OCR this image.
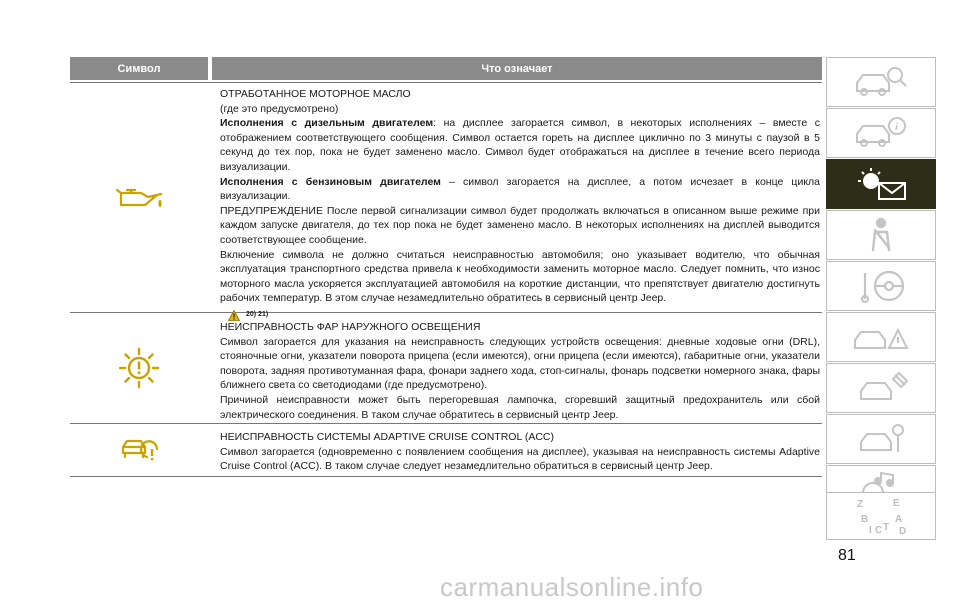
Символ	Что означает

ОТРАБОТАННОЕ МОТОРНОЕ МАСЛО

(где это предусмотрено)

Исполнения с дизельным двигателем: на дисплее загорается символ, в некоторых исполнениях – вместе с отображением соответствующего сообщения. Символ остается гореть на дисплее циклично по 3 минуты с паузой в 5 секунд до тех пор, пока не будет заменено масло. Символ будет отображаться на дисплее в течение всего периода визуализации.

Исполнения с бензиновым двигателем – символ загорается на дисплее, а потом исчезает в конце цикла визуализации.

ПРЕДУПРЕЖДЕНИЕ После первой сигнализации символ будет продолжать включаться в описанном выше режиме при каждом запуске двигателя, до тех пор пока не будет заменено масло. В некоторых исполнениях на дисплей выводится соответствующее сообщение.

Включение символа не должно считаться неисправностью автомобиля; оно указывает водителю, что обычная эксплуатация транспортного средства привела к необходимости заменить моторное масло. Следует помнить, что износ моторного масла ускоряется эксплуатацией автомобиля на короткие дистанции, что препятствует двигателю достигнуть рабочих температур. В этом случае незамедлительно обратитесь в сервисный центр Jeep.

20) 21)

НЕИСПРАВНОСТЬ ФАР НАРУЖНОГО ОСВЕЩЕНИЯ

Символ загорается для указания на неисправность следующих устройств освещения: дневные ходовые огни (DRL), стояночные огни, указатели поворота прицепа (если имеются), огни прицепа (если имеются), габаритные огни, указатели поворота, задняя противотуманная фара, фонари заднего хода, стоп-сигналы, фонарь подсветки номерного знака, фары ближнего света со светодиодами (где предусмотрено).

Причиной неисправности может быть перегоревшая лампочка, сгоревший защитный предохранитель или сбой электрического соединения. В таком случае обратитесь в сервисный центр Jeep.

НЕИСПРАВНОСТЬ СИСТЕМЫ ADAPTIVE CRUISE CONTROL (ACC)

Символ загорается (одновременно с появлением сообщения на дисплее), указывая на неисправность системы Adaptive Cruise Control (ACC). В таком случае следует незамедлительно обратиться в сервисный центр Jeep.

i
Z	E
B	A
I C T D
81
carmanualsonline.info
